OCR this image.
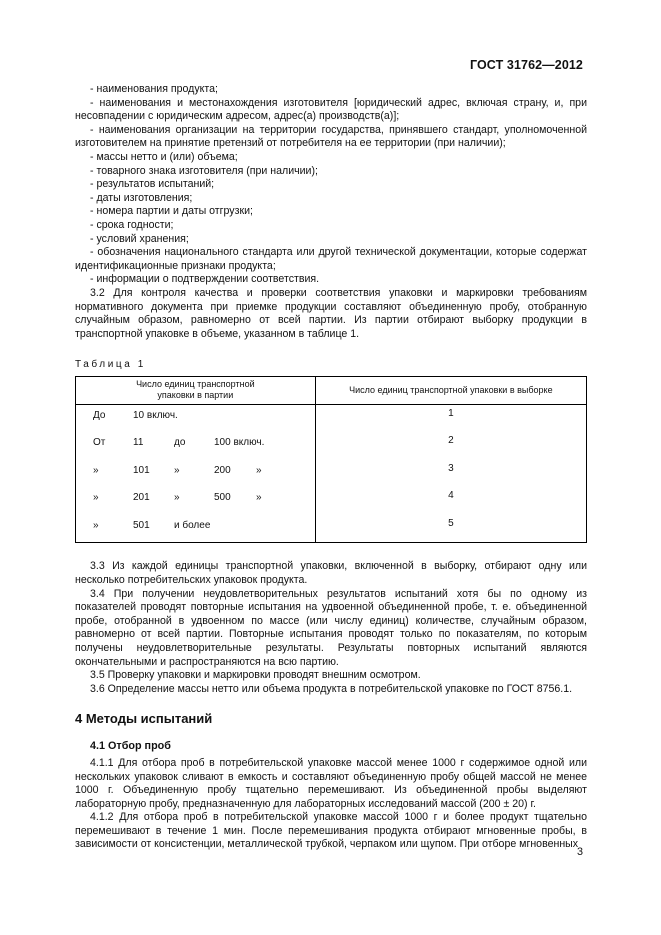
ГОСТ 31762—2012

- наименования продукта;

- наименования и местонахождения изготовителя [юридический адрес, включая страну, и, при несовпадении с юридическим адресом, адрес(а) производств(а)];

- наименования организации на территории государства, принявшего стандарт, уполномоченной изготовителем на принятие претензий от потребителя на ее территории (при наличии);

- массы нетто и (или) объема;

- товарного знака изготовителя (при наличии);

- результатов испытаний;

- даты изготовления;

- номера партии и даты отгрузки;

- срока годности;

- условий хранения;

- обозначения национального стандарта или другой технической документации, которые содержат идентификационные признаки продукта;

- информации о подтверждении соответствия.

3.2 Для контроля качества и проверки соответствия упаковки и маркировки требованиям нормативного документа при приемке продукции составляют объединенную пробу, отобранную случайным образом, равномерно от всей партии. Из партии отбирают выборку продукции в транспортной упаковке в объеме, указанном в таблице 1.

Таблица 1
Число единиц транспортной упаковки в партии	Число единиц транспортной упаковки в выборке

До 10 включ.	1

От 11 до 100 включ.	2

» 101 » 200 »	3

» 201 » 500 »	4

» 501 и более	5

3.3 Из каждой единицы транспортной упаковки, включенной в выборку, отбирают одну или несколько потребительских упаковок продукта.

3.4 При получении неудовлетворительных результатов испытаний хотя бы по одному из показателей проводят повторные испытания на удвоенной объединенной пробе, т. е. объединенной пробе, отобранной в удвоенном по массе (или числу единиц) количестве, случайным образом, равномерно от всей партии. Повторные испытания проводят только по показателям, по которым получены неудовлетворительные результаты. Результаты повторных испытаний являются окончательными и распространяются на всю партию.

3.5 Проверку упаковки и маркировки проводят внешним осмотром.

3.6 Определение массы нетто или объема продукта в потребительской упаковке по ГОСТ 8756.1.

4 Методы испытаний
4.1 Отбор проб

4.1.1 Для отбора проб в потребительской упаковке массой менее 1000 г содержимое одной или нескольких упаковок сливают в емкость и составляют объединенную пробу общей массой не менее 1000 г. Объединенную пробу тщательно перемешивают. Из объединенной пробы выделяют лабораторную пробу, предназначенную для лабораторных исследований массой (200 ± 20) г.

4.1.2 Для отбора проб в потребительской упаковке массой 1000 г и более продукт тщательно перемешивают в течение 1 мин. После перемешивания продукта отбирают мгновенные пробы, в зависимости от консистенции, металлической трубкой, черпаком или щупом. При отборе мгновенных

3
